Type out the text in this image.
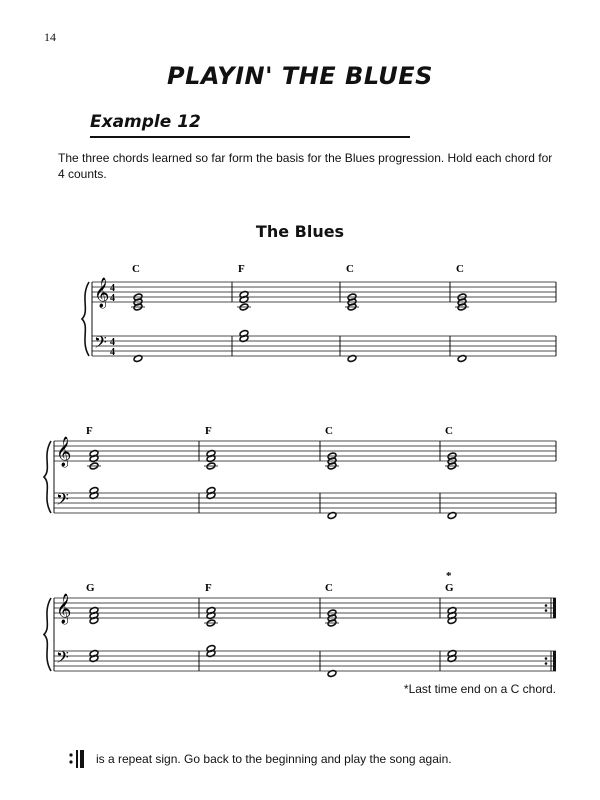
14
PLAYIN' THE BLUES
Example 12
The three chords learned so far form the basis for the Blues progression. Hold each chord for 4 counts.
The Blues
𝄞
𝄢
4
4
4
4
𝄞
𝄢
𝄞
𝄢
C	F	C	C
F	F	C	C
G	F	C	G
*
*Last time end on a C chord.
is a repeat sign. Go back to the beginning and play the song again.
